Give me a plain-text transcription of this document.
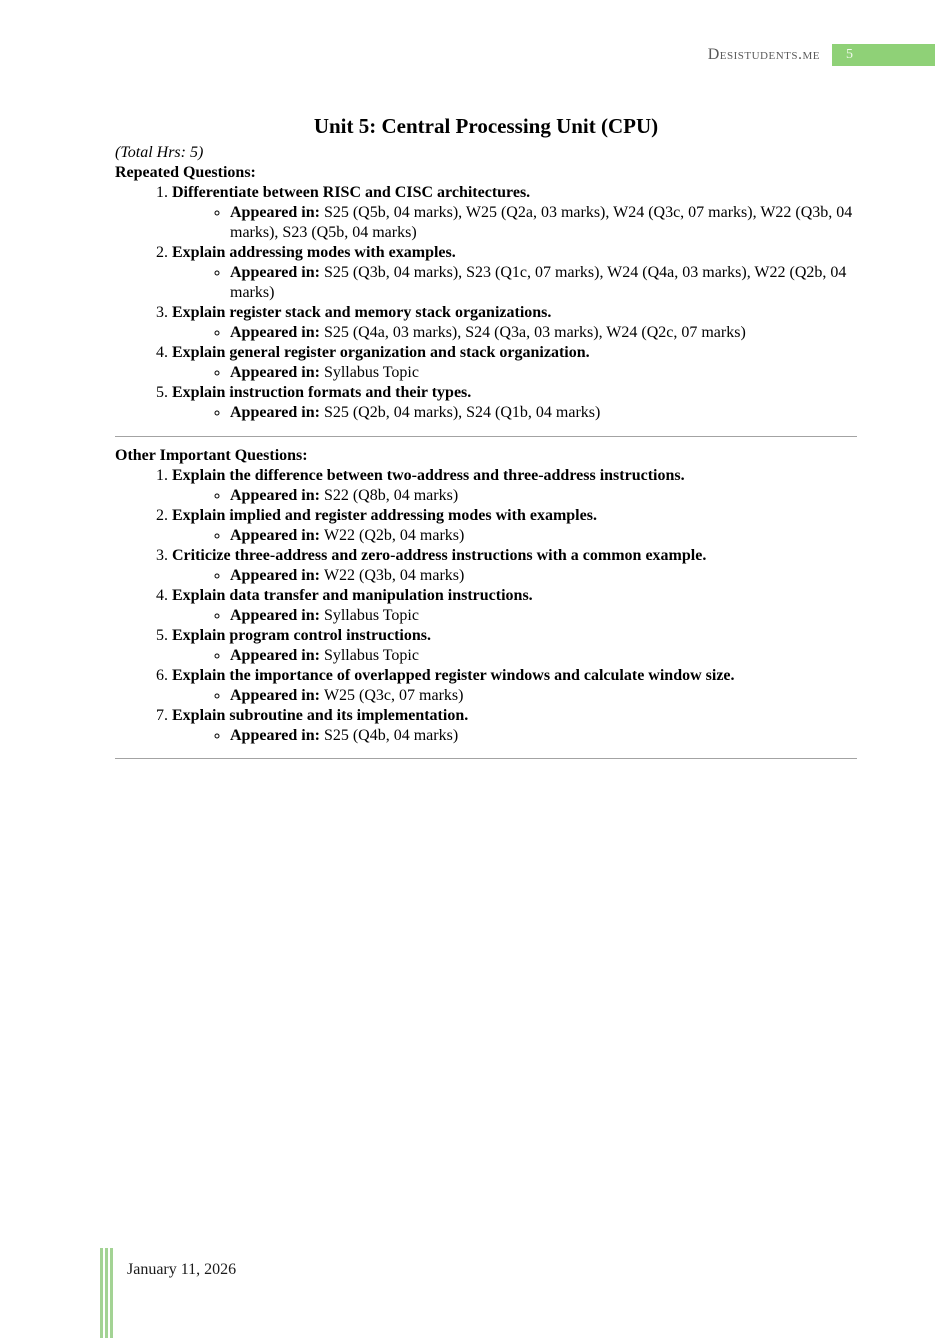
Desistudents.me	5
Unit 5: Central Processing Unit (CPU)
(Total Hrs: 5)
Repeated Questions:
1. Differentiate between RISC and CISC architectures.
◦ Appeared in: S25 (Q5b, 04 marks), W25 (Q2a, 03 marks), W24 (Q3c, 07 marks), W22 (Q3b, 04 marks), S23 (Q5b, 04 marks)
2. Explain addressing modes with examples.
◦ Appeared in: S25 (Q3b, 04 marks), S23 (Q1c, 07 marks), W24 (Q4a, 03 marks), W22 (Q2b, 04 marks)
3. Explain register stack and memory stack organizations.
◦ Appeared in: S25 (Q4a, 03 marks), S24 (Q3a, 03 marks), W24 (Q2c, 07 marks)
4. Explain general register organization and stack organization.
◦ Appeared in: Syllabus Topic
5. Explain instruction formats and their types.
◦ Appeared in: S25 (Q2b, 04 marks), S24 (Q1b, 04 marks)
Other Important Questions:
1. Explain the difference between two-address and three-address instructions.
◦ Appeared in: S22 (Q8b, 04 marks)
2. Explain implied and register addressing modes with examples.
◦ Appeared in: W22 (Q2b, 04 marks)
3. Criticize three-address and zero-address instructions with a common example.
◦ Appeared in: W22 (Q3b, 04 marks)
4. Explain data transfer and manipulation instructions.
◦ Appeared in: Syllabus Topic
5. Explain program control instructions.
◦ Appeared in: Syllabus Topic
6. Explain the importance of overlapped register windows and calculate window size.
◦ Appeared in: W25 (Q3c, 07 marks)
7. Explain subroutine and its implementation.
◦ Appeared in: S25 (Q4b, 04 marks)
January 11, 2026
